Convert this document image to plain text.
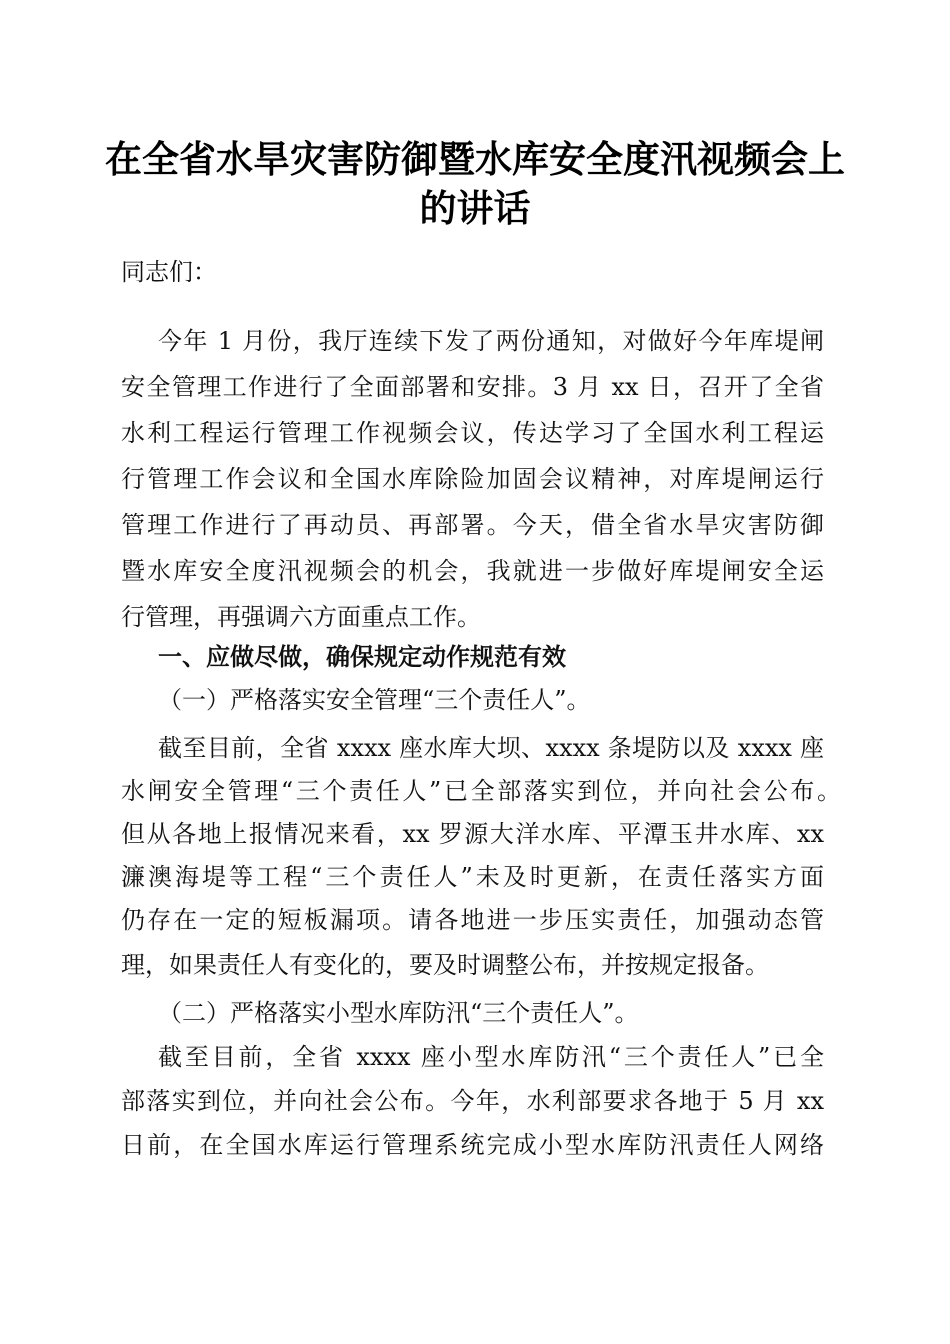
在全省水旱灾害防御暨水库安全度汛视频会上
的讲话
同志们：
今年 1 月份，我厅连续下发了两份通知，对做好今年库堤闸
安全管理工作进行了全面部署和安排。3 月 xx 日，召开了全省
水利工程运行管理工作视频会议，传达学习了全国水利工程运
行管理工作会议和全国水库除险加固会议精神，对库堤闸运行
管理工作进行了再动员、再部署。今天，借全省水旱灾害防御
暨水库安全度汛视频会的机会，我就进一步做好库堤闸安全运
行管理，再强调六方面重点工作。
一、应做尽做，确保规定动作规范有效
（一）严格落实安全管理“三个责任人”。
截至目前，全省 xxxx 座水库大坝、xxxx 条堤防以及 xxxx 座
水闸安全管理“三个责任人”已全部落实到位，并向社会公布。
但从各地上报情况来看，xx 罗源大洋水库、平潭玉井水库、xx
濂澳海堤等工程“三个责任人”未及时更新，在责任落实方面
仍存在一定的短板漏项。请各地进一步压实责任，加强动态管
理，如果责任人有变化的，要及时调整公布，并按规定报备。
（二）严格落实小型水库防汛“三个责任人”。
截至目前，全省 xxxx 座小型水库防汛“三个责任人”已全
部落实到位，并向社会公布。今年，水利部要求各地于 5 月 xx
日前，在全国水库运行管理系统完成小型水库防汛责任人网络
